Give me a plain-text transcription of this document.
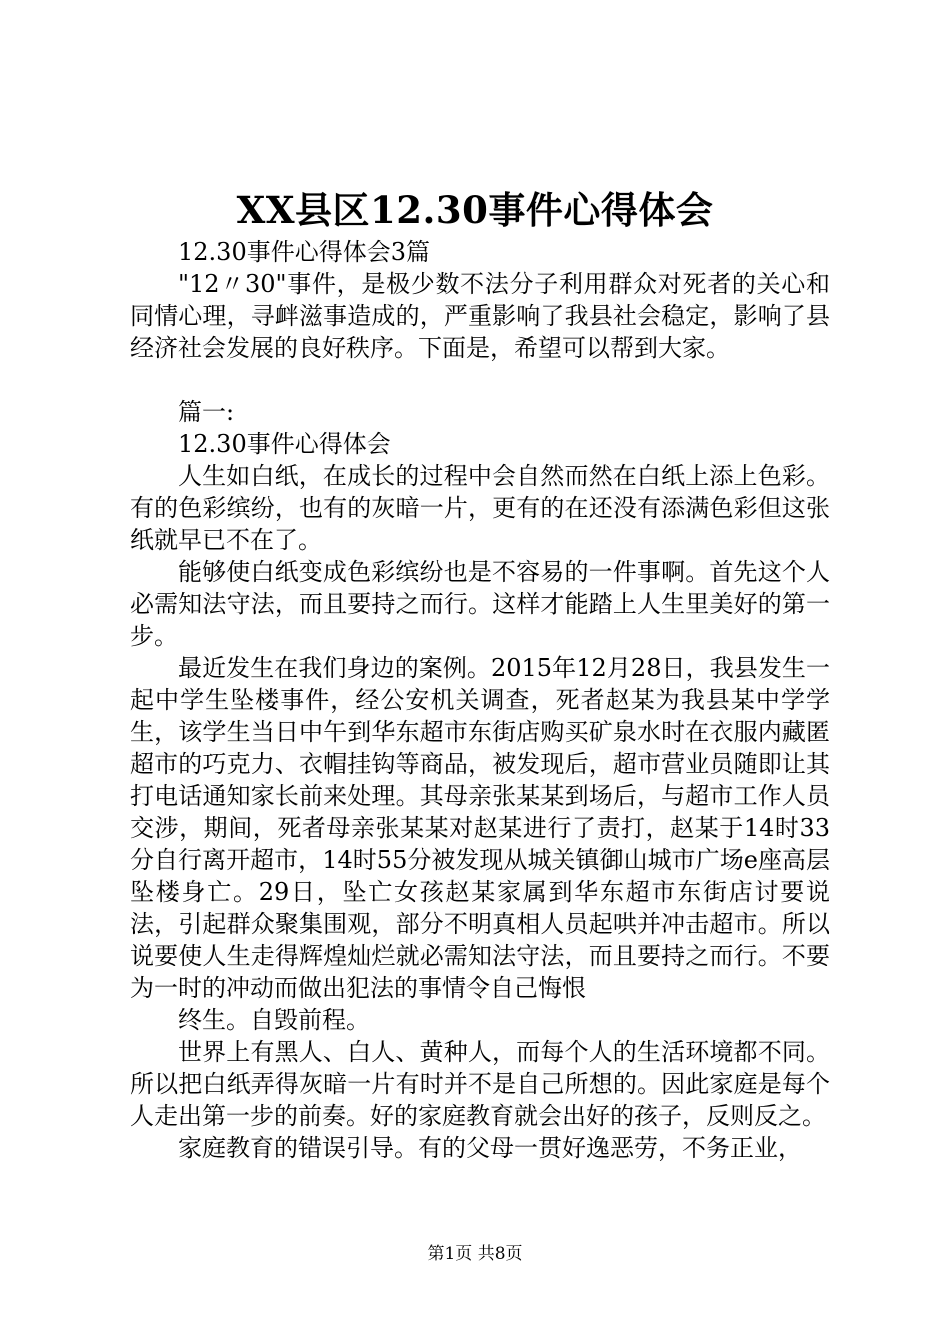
XX县区12.30事件心得体会

12.30事件心得体会3篇

"12〃30"事件，是极少数不法分子利用群众对死者的关心和同情心理，寻衅滋事造成的，严重影响了我县社会稳定，影响了县经济社会发展的良好秩序。下面是，希望可以帮到大家。

篇一:

12.30事件心得体会

人生如白纸，在成长的过程中会自然而然在白纸上添上色彩。有的色彩缤纷，也有的灰暗一片，更有的在还没有添满色彩但这张纸就早已不在了。

能够使白纸变成色彩缤纷也是不容易的一件事啊。首先这个人必需知法守法，而且要持之而行。这样才能踏上人生里美好的第一步。

最近发生在我们身边的案例。2015年12月28日，我县发生一起中学生坠楼事件，经公安机关调查，死者赵某为我县某中学学生，该学生当日中午到华东超市东街店购买矿泉水时在衣服内藏匿超市的巧克力、衣帽挂钩等商品，被发现后，超市营业员随即让其打电话通知家长前来处理。其母亲张某某到场后，与超市工作人员交涉，期间，死者母亲张某某对赵某进行了责打，赵某于14时33分自行离开超市，14时55分被发现从城关镇御山城市广场e座高层坠楼身亡。29日，坠亡女孩赵某家属到华东超市东街店讨要说法，引起群众聚集围观，部分不明真相人员起哄并冲击超市。所以说要使人生走得辉煌灿烂就必需知法守法，而且要持之而行。不要为一时的冲动而做出犯法的事情令自己悔恨

终生。自毁前程。

世界上有黑人、白人、黄种人，而每个人的生活环境都不同。所以把白纸弄得灰暗一片有时并不是自己所想的。因此家庭是每个人走出第一步的前奏。好的家庭教育就会出好的孩子，反则反之。

家庭教育的错误引导。有的父母一贯好逸恶劳，不务正业，

第1页 共8页
